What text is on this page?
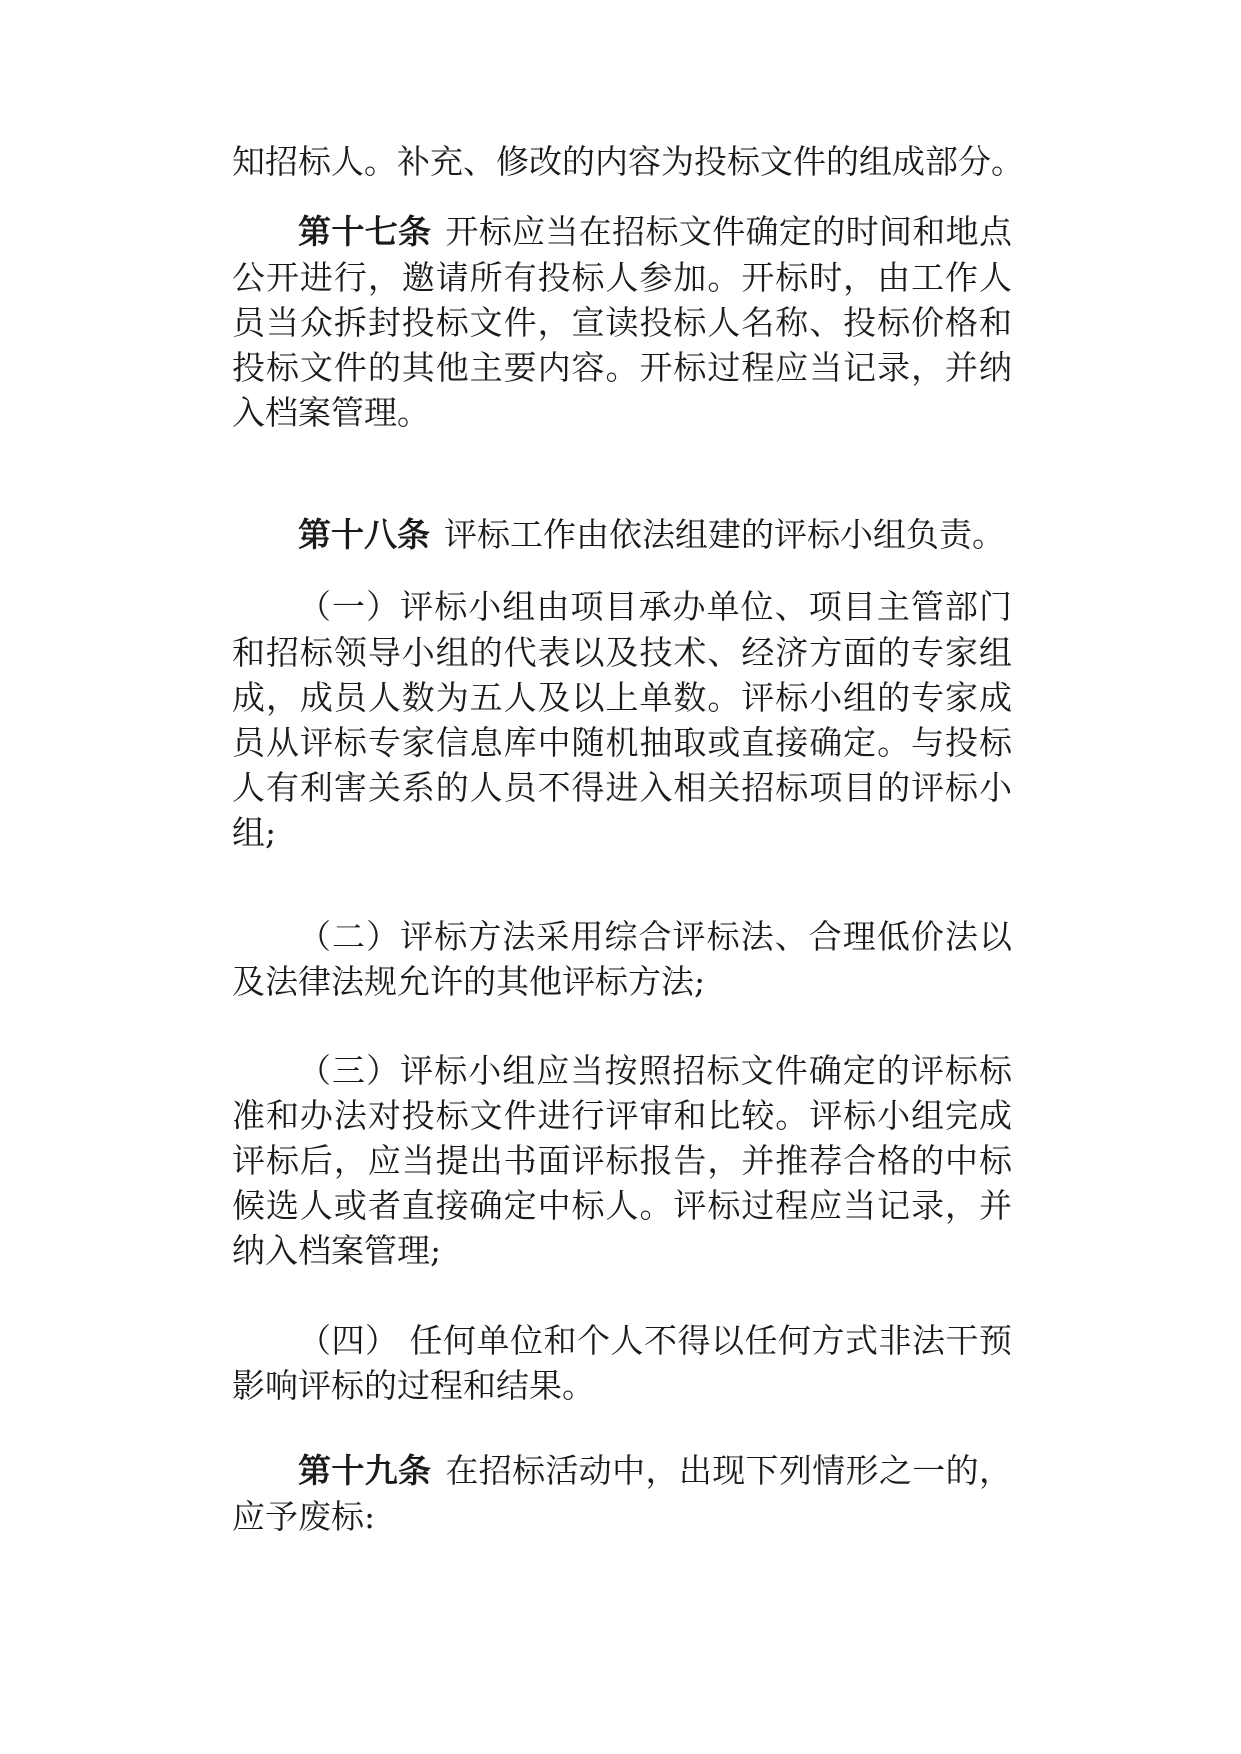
知招标人。补充、修改的内容为投标文件的组成部分。
第十七条 开标应当在招标文件确定的时间和地点
公开进行，邀请所有投标人参加。开标时，由工作人
员当众拆封投标文件，宣读投标人名称、投标价格和
投标文件的其他主要内容。开标过程应当记录，并纳
入档案管理。
第十八条 评标工作由依法组建的评标小组负责。
（一）评标小组由项目承办单位、项目主管部门
和招标领导小组的代表以及技术、经济方面的专家组
成，成员人数为五人及以上单数。评标小组的专家成
员从评标专家信息库中随机抽取或直接确定。与投标
人有利害关系的人员不得进入相关招标项目的评标小
组;
（二）评标方法采用综合评标法、合理低价法以
及法律法规允许的其他评标方法;
（三）评标小组应当按照招标文件确定的评标标
准和办法对投标文件进行评审和比较。评标小组完成
评标后，应当提出书面评标报告，并推荐合格的中标
候选人或者直接确定中标人。评标过程应当记录，并
纳入档案管理;
（四） 任何单位和个人不得以任何方式非法干预
影响评标的过程和结果。
第十九条 在招标活动中，出现下列情形之一的，
应予废标:
